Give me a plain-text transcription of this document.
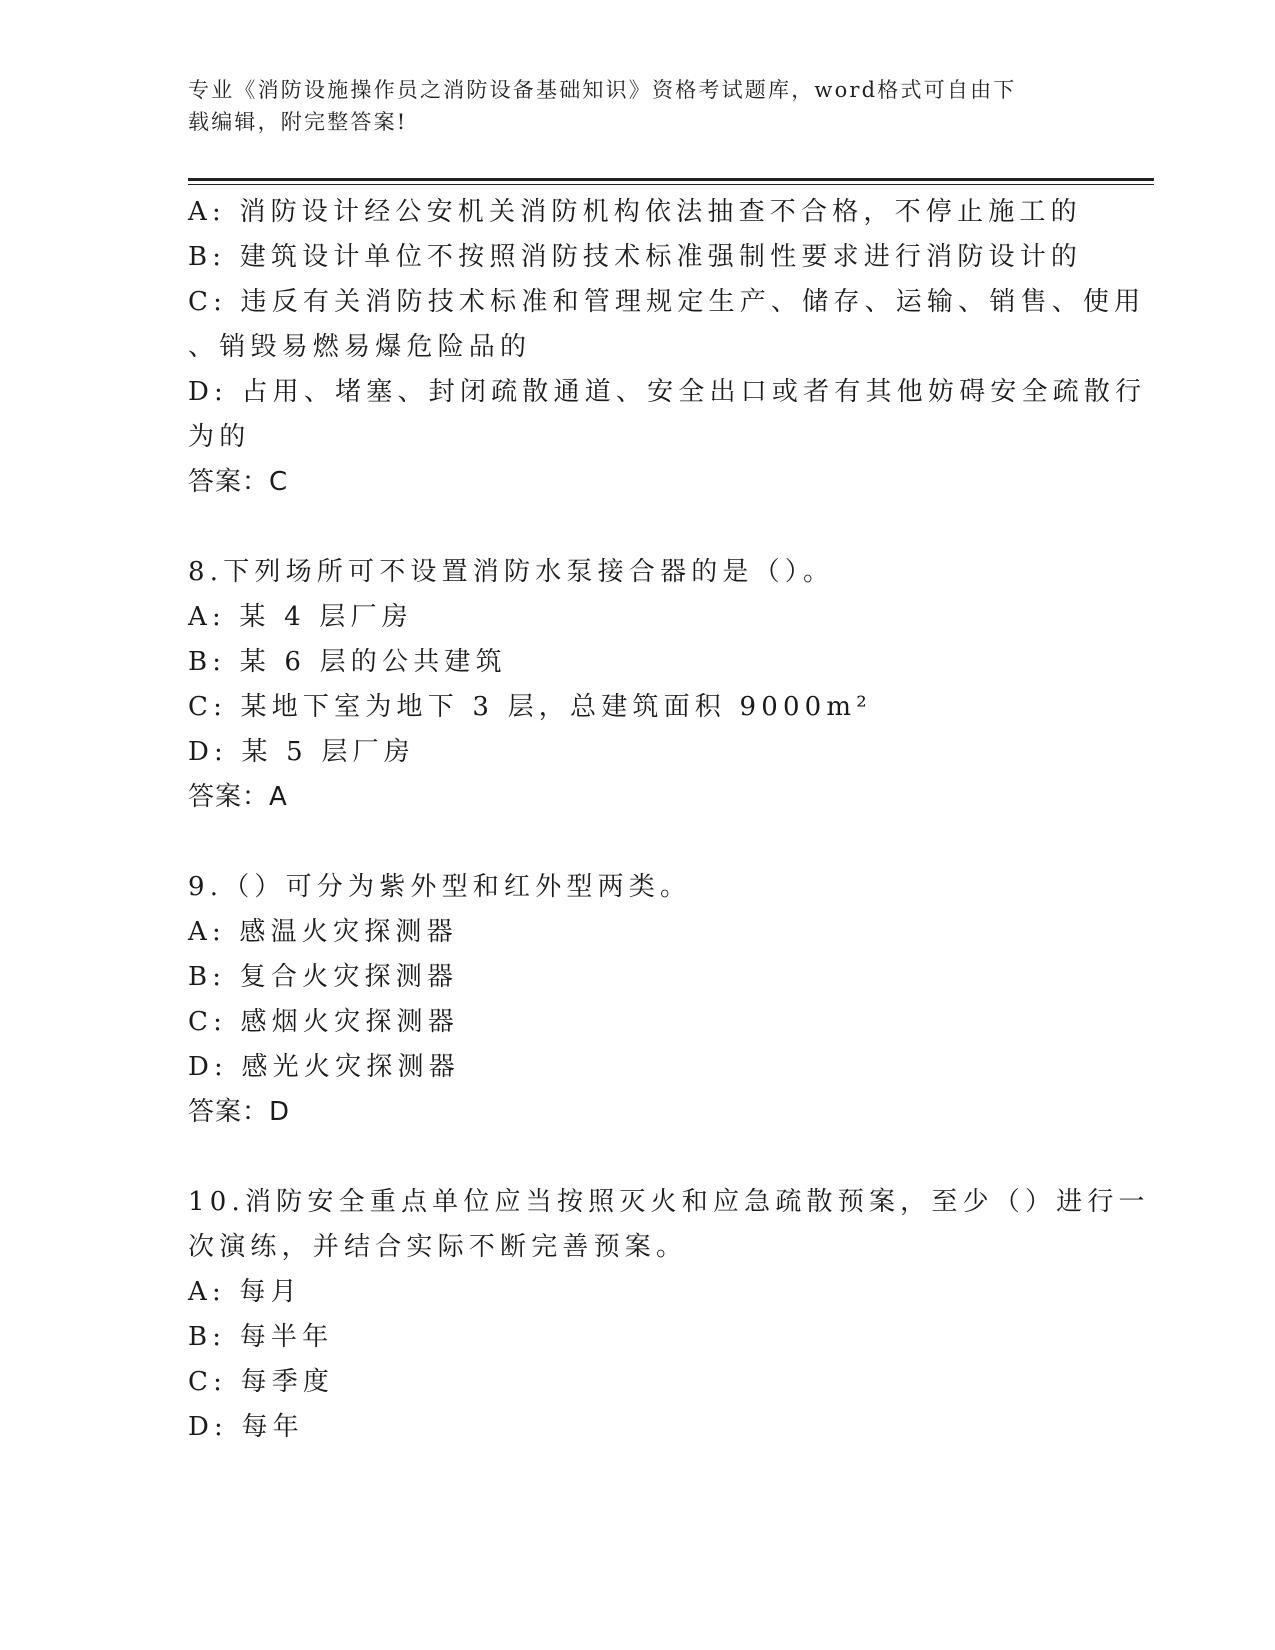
专业《消防设施操作员之消防设备基础知识》资格考试题库，word格式可自由下
载编辑，附完整答案!
A: 消防设计经公安机关消防机构依法抽查不合格，不停止施工的
B: 建筑设计单位不按照消防技术标准强制性要求进行消防设计的
C: 违反有关消防技术标准和管理规定生产、储存、运输、销售、使用
、销毁易燃易爆危险品的
D: 占用、堵塞、封闭疏散通道、安全出口或者有其他妨碍安全疏散行
为的
答案：C
8.下列场所可不设置消防水泵接合器的是（）。
A: 某 4 层厂房
B: 某 6 层的公共建筑
C: 某地下室为地下 3 层，总建筑面积 9000m²
D: 某 5 层厂房
答案：A
9.（）可分为紫外型和红外型两类。
A: 感温火灾探测器
B: 复合火灾探测器
C: 感烟火灾探测器
D: 感光火灾探测器
答案：D
10.消防安全重点单位应当按照灭火和应急疏散预案，至少（）进行一
次演练，并结合实际不断完善预案。
A: 每月
B: 每半年
C: 每季度
D: 每年
